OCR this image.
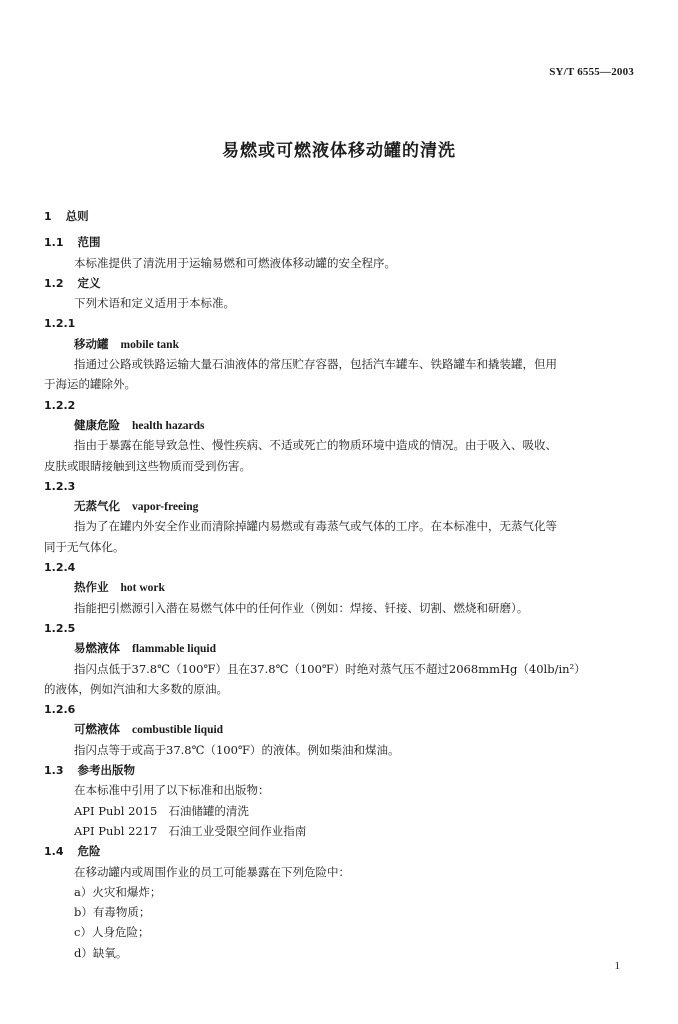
SY/T 6555—2003
易燃或可燃液体移动罐的清洗
1 总则
1.1 范围
本标准提供了清洗用于运输易燃和可燃液体移动罐的安全程序。
1.2 定义
下列术语和定义适用于本标准。
1.2.1
移动罐 mobile tank
指通过公路或铁路运输大量石油液体的常压贮存容器，包括汽车罐车、铁路罐车和撬装罐，但用
于海运的罐除外。
1.2.2
健康危险 health hazards
指由于暴露在能导致急性、慢性疾病、不适或死亡的物质环境中造成的情况。由于吸入、吸收、
皮肤或眼睛接触到这些物质而受到伤害。
1.2.3
无蒸气化 vapor-freeing
指为了在罐内外安全作业而清除掉罐内易燃或有毒蒸气或气体的工序。在本标准中，无蒸气化等
同于无气体化。
1.2.4
热作业 hot work
指能把引燃源引入潜在易燃气体中的任何作业（例如：焊接、钎接、切割、燃烧和研磨）。
1.2.5
易燃液体 flammable liquid
指闪点低于37.8℃（100℉）且在37.8℃（100℉）时绝对蒸气压不超过2068mmHg（40lb/in²）
的液体，例如汽油和大多数的原油。
1.2.6
可燃液体 combustible liquid
指闪点等于或高于37.8℃（100℉）的液体。例如柴油和煤油。
1.3 参考出版物
在本标准中引用了以下标准和出版物：
API Publ 2015   石油储罐的清洗
API Publ 2217   石油工业受限空间作业指南
1.4 危险
在移动罐内或周围作业的员工可能暴露在下列危险中：
a）火灾和爆炸；
b）有毒物质；
c）人身危险；
d）缺氧。
1
